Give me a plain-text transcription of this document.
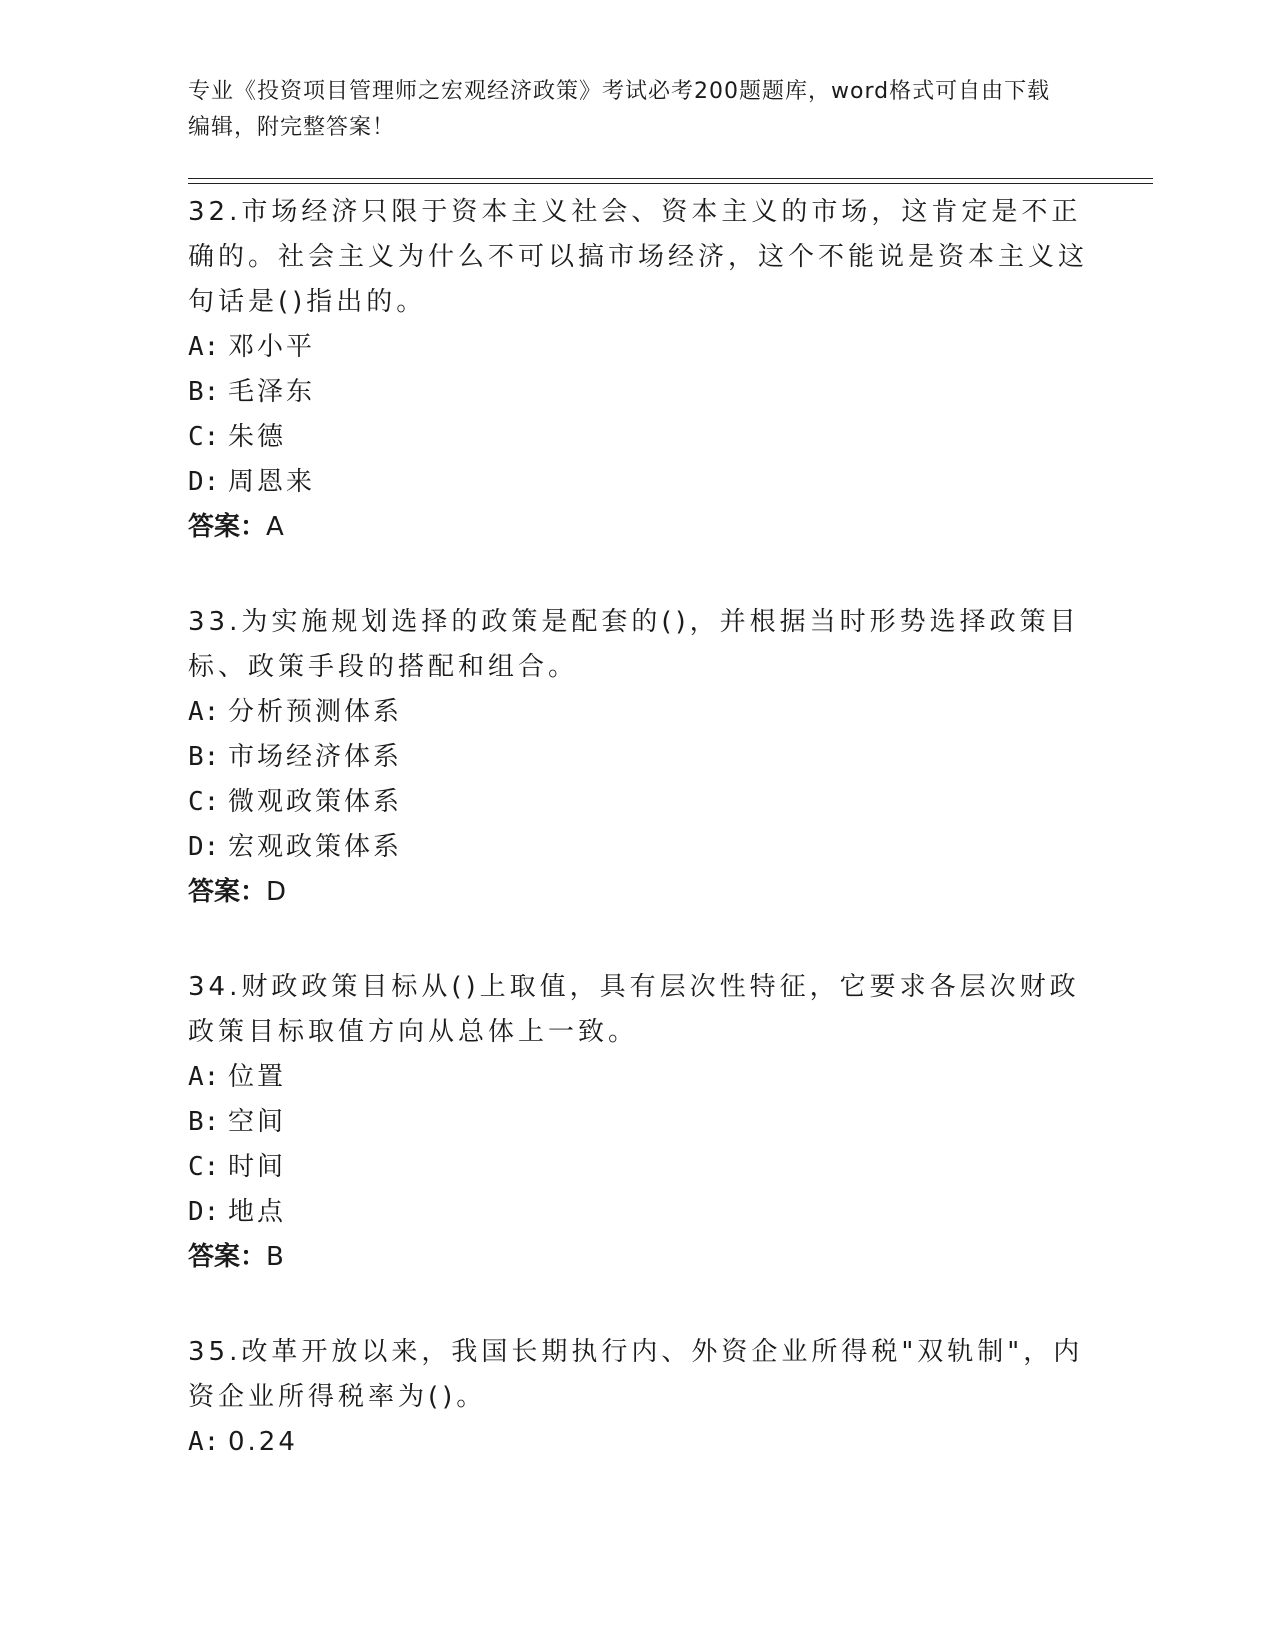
专业《投资项目管理师之宏观经济政策》考试必考200题题库，word格式可自由下载编辑，附完整答案！

32.市场经济只限于资本主义社会、资本主义的市场，这肯定是不正确的。社会主义为什么不可以搞市场经济，这个不能说是资本主义这句话是()指出的。

A: 邓小平

B: 毛泽东

C: 朱德

D: 周恩来

答案：A

33.为实施规划选择的政策是配套的()，并根据当时形势选择政策目标、政策手段的搭配和组合。

A: 分析预测体系

B: 市场经济体系

C: 微观政策体系

D: 宏观政策体系

答案：D

34.财政政策目标从()上取值，具有层次性特征，它要求各层次财政政策目标取值方向从总体上一致。

A: 位置

B: 空间

C: 时间

D: 地点

答案：B

35.改革开放以来，我国长期执行内、外资企业所得税"双轨制"，内资企业所得税率为()。

A: 0.24
